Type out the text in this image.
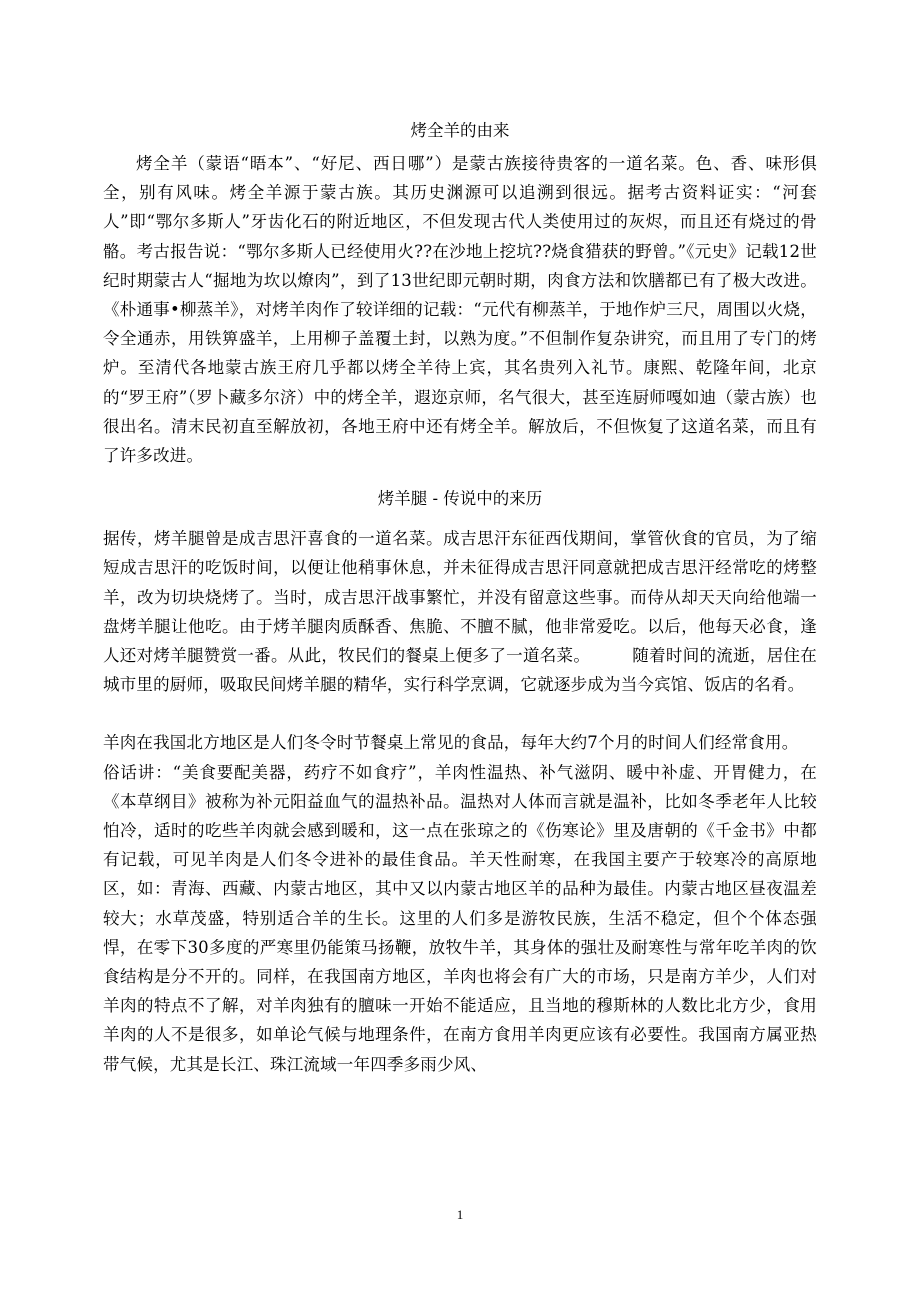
烤全羊的由来

烤全羊（蒙语“晤本”、“好尼、西日哪”）是蒙古族接待贵客的一道名菜。色、香、味形俱全，别有风味。烤全羊源于蒙古族。其历史渊源可以追溯到很远。据考古资料证实：“河套人”即“鄂尔多斯人”牙齿化石的附近地区，不但发现古代人类使用过的灰烬，而且还有烧过的骨骼。考古报告说：“鄂尔多斯人已经使用火??在沙地上挖坑??烧食猎获的野曾。”《元史》记载12世纪时期蒙古人“掘地为坎以燎肉”，到了13世纪即元朝时期，肉食方法和饮膳都已有了极大改进。《朴通事•柳蒸羊》，对烤羊肉作了较详细的记载：“元代有柳蒸羊，于地作炉三尺，周围以火烧，令全通赤，用铁箅盛羊，上用柳子盖覆土封，以熟为度。”不但制作复杂讲究，而且用了专门的烤炉。至清代各地蒙古族王府几乎都以烤全羊待上宾，其名贵列入礼节。康熙、乾隆年间，北京的“罗王府”（罗卜藏多尔济）中的烤全羊，遐迩京师，名气很大，甚至连厨师嘎如迪（蒙古族）也很出名。清末民初直至解放初，各地王府中还有烤全羊。解放后，不但恢复了这道名菜，而且有了许多改进。

烤羊腿 - 传说中的来历

据传，烤羊腿曾是成吉思汗喜食的一道名菜。成吉思汗东征西伐期间，掌管伙食的官员，为了缩短成吉思汗的吃饭时间，以便让他稍事休息，并未征得成吉思汗同意就把成吉思汗经常吃的烤整羊，改为切块烧烤了。当时，成吉思汗战事繁忙，并没有留意这些事。而侍从却天天向给他端一盘烤羊腿让他吃。由于烤羊腿肉质酥香、焦脆、不膻不腻，他非常爱吃。以后，他每天必食，逢人还对烤羊腿赞赏一番。从此，牧民们的餐桌上便多了一道名菜。　　　随着时间的流逝，居住在城市里的厨师，吸取民间烤羊腿的精华，实行科学烹调，它就逐步成为当今宾馆、饭店的名肴。

羊肉在我国北方地区是人们冬令时节餐桌上常见的食品，每年大约7个月的时间人们经常食用。

俗话讲：“美食要配美器，药疗不如食疗”，羊肉性温热、补气滋阴、暖中补虚、开胃健力，在《本草纲目》被称为补元阳益血气的温热补品。温热对人体而言就是温补，比如冬季老年人比较怕冷，适时的吃些羊肉就会感到暖和，这一点在张琼之的《伤寒论》里及唐朝的《千金书》中都有记载，可见羊肉是人们冬令进补的最佳食品。羊天性耐寒，在我国主要产于较寒冷的高原地区，如：青海、西藏、内蒙古地区，其中又以内蒙古地区羊的品种为最佳。内蒙古地区昼夜温差较大；水草茂盛，特别适合羊的生长。这里的人们多是游牧民族，生活不稳定，但个个体态强悍，在零下30多度的严寒里仍能策马扬鞭，放牧牛羊，其身体的强壮及耐寒性与常年吃羊肉的饮食结构是分不开的。同样，在我国南方地区，羊肉也将会有广大的市场，只是南方羊少，人们对羊肉的特点不了解，对羊肉独有的膻味一开始不能适应，且当地的穆斯林的人数比北方少，食用羊肉的人不是很多，如单论气候与地理条件，在南方食用羊肉更应该有必要性。我国南方属亚热带气候，尤其是长江、珠江流域一年四季多雨少风、

1
